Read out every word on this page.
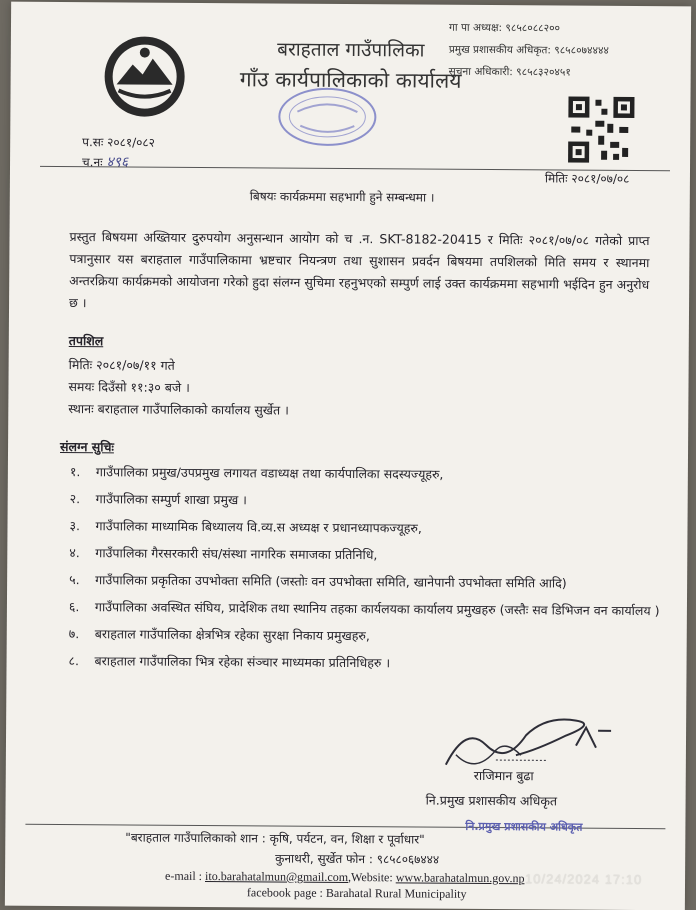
बराहताल गाउँपालिका
गाँउ कार्यपालिकाको कार्यालय
गा पा अध्यक्ष: ९८५८०८८२००
प्रमुख प्रशासकीय अधिकृत: ९८५८०७४४४४
सुचना अधिकारी: ९८५८३२०४५१
प.सः २०८१/०८२
च.नः ४९६
मितिः २०८१/०७/०८
बिषयः कार्यक्रममा सहभागी हुने सम्बन्धमा ।
प्रस्तुत बिषयमा अख्तियार दुरुपयोग अनुसन्धान आयोग को च .न. SKT-8182-20415 र मितिः २०८१/०७/०८ गतेको प्राप्त पत्रानुसार यस बराहताल गाउँपालिकामा भ्रष्टचार नियन्त्रण तथा सुशासन प्रवर्दन बिषयमा तपशिलको मिति समय र स्थानमा अन्तरक्रिया कार्यक्रमको आयोजना गरेको हुदा संलग्न सुचिमा रहनुभएको सम्पुर्ण लाई उक्त कार्यक्रममा सहभागी भईदिन हुन अनुरोध छ ।
तपशिल
मितिः २०८१/०७/११ गते
समयः दिउँसो ११:३० बजे ।
स्थानः बराहताल गाउँपालिकाको कार्यालय सुर्खेत ।
संलग्न सुचिः
१.	गाउँपालिका प्रमुख/उपप्रमुख लगायत वडाध्यक्ष तथा कार्यपालिका सदस्यज्यूहरु,
२.	गाउँपालिका सम्पुर्ण शाखा प्रमुख ।
३.	गाउँपालिका माध्यामिक बिध्यालय वि.व्य.स अध्यक्ष र प्रधानध्यापकज्यूहरु,
४.	गाउँपालिका गैरसरकारी संघ/संस्था नागरिक समाजका प्रतिनिधि,
५.	गाउँपालिका प्रकृतिका उपभोक्ता समिति (जस्तोः वन उपभोक्ता समिति, खानेपानी उपभोक्ता समिति आदि)
६.	गाउँपालिका अवस्थित संघिय, प्रादेशिक तथा स्थानिय तहका कार्यलयका कार्यालय प्रमुखहरु (जस्तैः सव डिभिजन वन कार्यालय )
७.	बराहताल गाउँपालिका क्षेत्रभित्र रहेका सुरक्षा निकाय प्रमुखहरु,
८.	बराहताल गाउँपालिका भित्र रहेका संञ्चार माध्यमका प्रतिनिधिहरु ।
राजिमान बुढा
नि.प्रमुख प्रशासकीय अधिकृत
"बराहताल गाउँपालिकाको शान : कृषि, पर्यटन, वन, शिक्षा र पूर्वाधार"
नि.प्रमुख प्रशासकीय अधिकृत
कुनाथरी, सुर्खेत फोन : ९८५८०६७४४४
e-mail : ito.barahatalmun@gmail.com,Website: www.barahatalmun.gov.np
facebook page : Barahatal Rural Municipality
10/24/2024 17:10
